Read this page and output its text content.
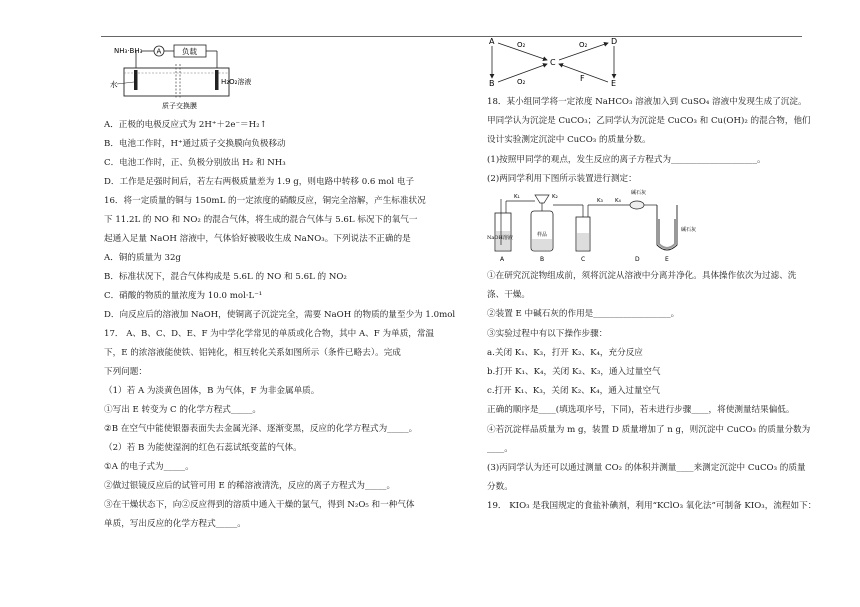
NH₃·BH₃ A	负载
水	H₂O₂溶液
质子交换膜
A．正极的电极反应式为 2H⁺＋2e⁻＝H₂↑
B．电池工作时，H⁺通过质子交换膜向负极移动
C．电池工作时，正、负极分别放出 H₂ 和 NH₃
D．工作是足强时间后，若左右两极质量差为 1.9 g，则电路中转移 0.6 mol 电子
16．将一定质量的铜与 150mL 的一定浓度的硝酸反应，铜完全溶解，产生标准状况
下 11.2L 的 NO 和 NO₂ 的混合气体，将生成的混合气体与 5.6L 标况下的氧气一
起通入足量 NaOH 溶液中，气体恰好被吸收生成 NaNO₃。下列说法不正确的是
A．铜的质量为 32g
B．标准状况下，混合气体构成是 5.6L 的 NO 和 5.6L 的 NO₂
C．硝酸的物质的量浓度为 10.0 mol·L⁻¹
D．向反应后的溶液加 NaOH，使铜离子沉淀完全，需要 NaOH 的物质的量至少为 1.0mol
17． A、B、C、D、E、F 为中学化学常见的单质或化合物，其中 A、F 为单质，常温
下，E 的浓溶液能使铁、铝钝化，相互转化关系如图所示（条件已略去）。完成
下列问题：
（1）若 A 为淡黄色固体，B 为气体，F 为非金属单质。
①写出 E 转变为 C 的化学方程式_____。
②B 在空气中能使银器表面失去金属光泽、逐渐变黑，反应的化学方程式为_____。
（2）若 B 为能使湿润的红色石蕊试纸变蓝的气体。
①A 的电子式为_____。
②做过银镜反应后的试管可用 E 的稀溶液清洗，反应的离子方程式为_____。
③在干燥状态下，向②反应得到的溶质中通入干燥的氯气，得到 N₂O₅ 和一种气体
单质，写出反应的化学方程式_____。
A
B
C
D
E
F
O₂
O₂
O₂
18．某小组同学将一定浓度 NaHCO₃ 溶液加入到 CuSO₄ 溶液中发现生成了沉淀。
甲同学认为沉淀是 CuCO₃；乙同学认为沉淀是 CuCO₃ 和 Cu(OH)₂ 的混合物，他们
设计实验测定沉淀中 CuCO₃ 的质量分数。
(1)按照甲同学的观点，发生反应的离子方程式为____________________。
(2)两同学利用下图所示装置进行测定：
NaOH溶液
K₁
样品
K₂
K₃ K₄
碱石灰
碱石灰
A	B	C	D	E
①在研究沉淀物组成前，须将沉淀从溶液中分离并净化。具体操作依次为过滤、洗
涤、干燥。
②装置 E 中碱石灰的作用是__________________。
③实验过程中有以下操作步骤：
a.关闭 K₁、K₃，打开 K₂、K₄，充分反应
b.打开 K₁、K₄，关闭 K₂、K₃，通入过量空气
c.打开 K₁、K₃，关闭 K₂、K₄，通入过量空气
正确的顺序是____(填选项序号，下同)，若未进行步骤____，将使测量结果偏低。
④若沉淀样品质量为 m g，装置 D 质量增加了 n g，则沉淀中 CuCO₃ 的质量分数为
____。
(3)丙同学认为还可以通过测量 CO₂ 的体积并测量____来测定沉淀中 CuCO₃ 的质量
分数。
19． KIO₃ 是我国规定的食盐补碘剂，利用“KClO₃ 氧化法”可制备 KIO₃，流程如下：
